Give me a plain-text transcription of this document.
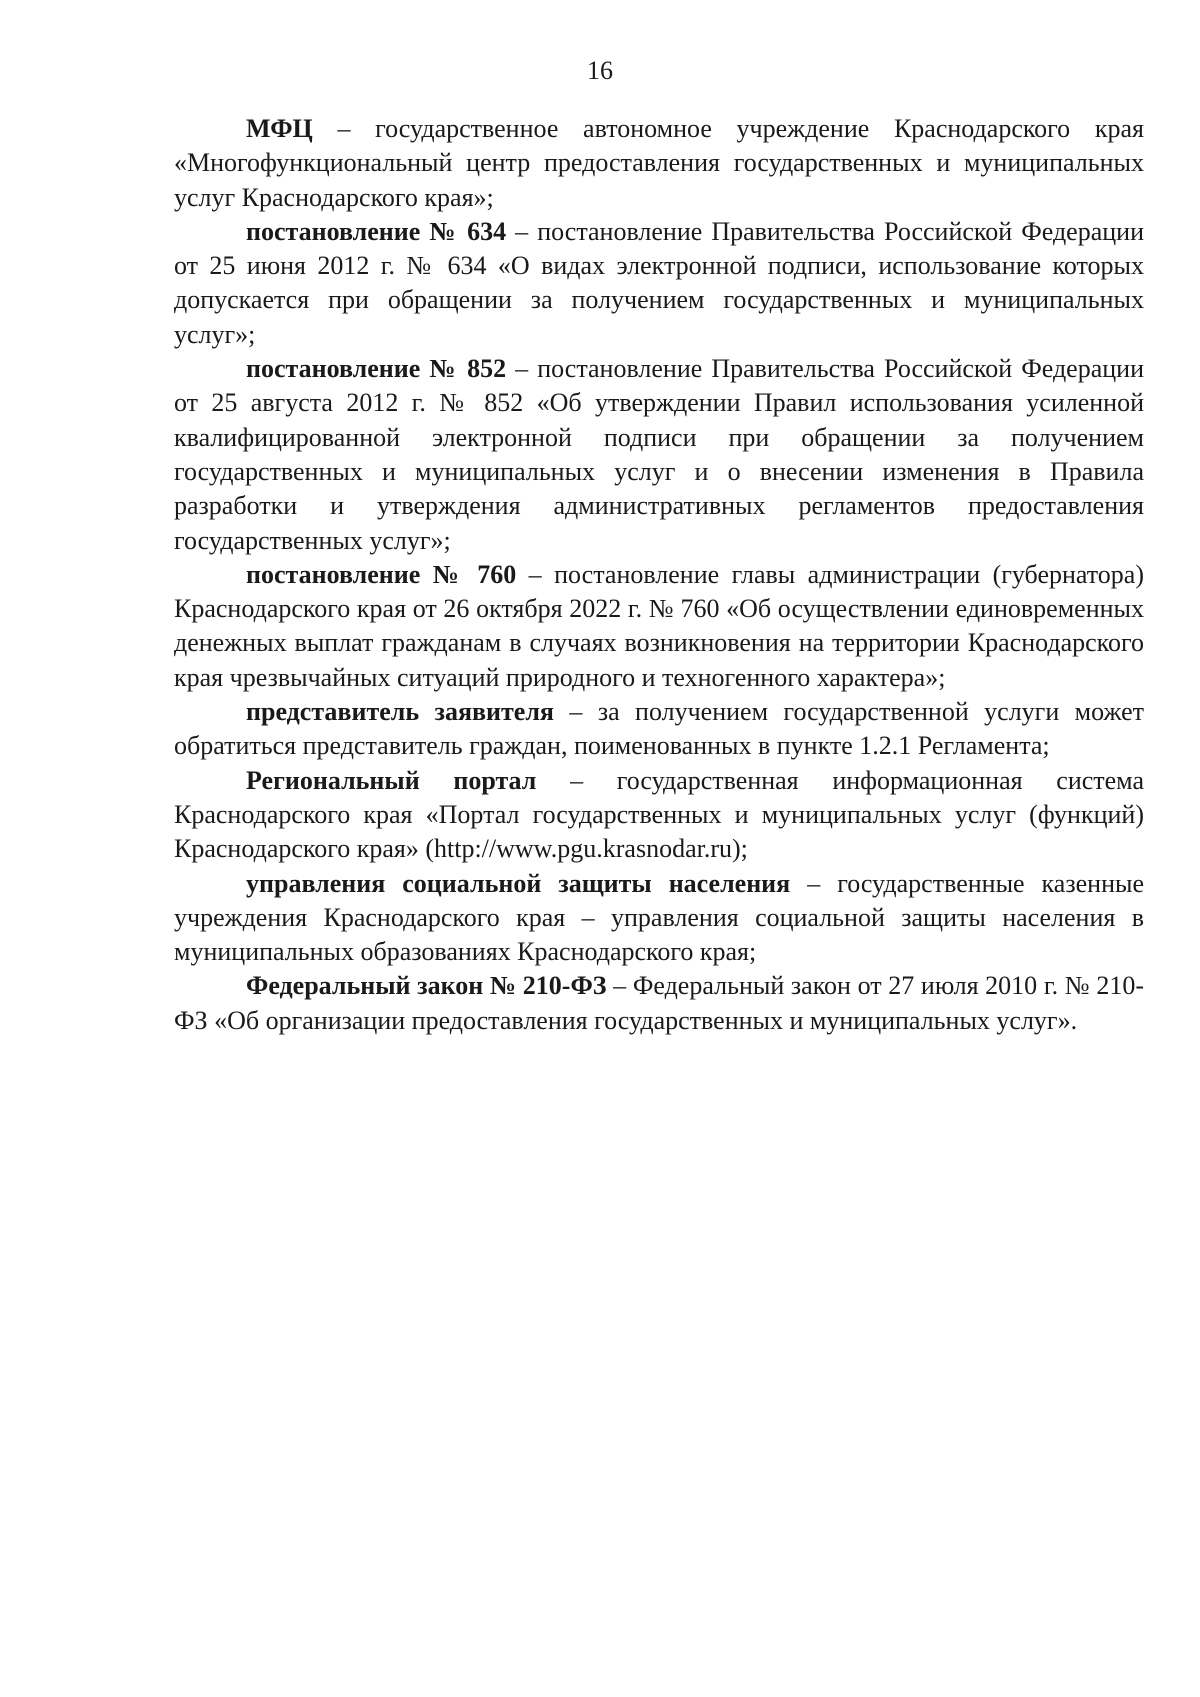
16

МФЦ – государственное автономное учреждение Краснодарского края «Многофункциональный центр предоставления государственных и муниципальных услуг Краснодарского края»;

постановление № 634 – постановление Правительства Российской Федерации от 25 июня 2012 г. № 634 «О видах электронной подписи, использование которых допускается при обращении за получением государственных и муниципальных услуг»;

постановление № 852 – постановление Правительства Российской Федерации от 25 августа 2012 г. № 852 «Об утверждении Правил использования усиленной квалифицированной электронной подписи при обращении за получением государственных и муниципальных услуг и о внесении изменения в Правила разработки и утверждения административных регламентов предоставления государственных услуг»;

постановление № 760 – постановление главы администрации (губернатора) Краснодарского края от 26 октября 2022 г. № 760 «Об осуществлении единовременных денежных выплат гражданам в случаях возникновения на территории Краснодарского края чрезвычайных ситуаций природного и техногенного характера»;

представитель заявителя – за получением государственной услуги может обратиться представитель граждан, поименованных в пункте 1.2.1 Регламента;

Региональный портал – государственная информационная система Краснодарского края «Портал государственных и муниципальных услуг (функций) Краснодарского края» (http://www.pgu.krasnodar.ru);

управления социальной защиты населения – государственные казенные учреждения Краснодарского края – управления социальной защиты населения в муниципальных образованиях Краснодарского края;

Федеральный закон № 210-ФЗ – Федеральный закон от 27 июля 2010 г. № 210-ФЗ «Об организации предоставления государственных и муниципальных услуг».
